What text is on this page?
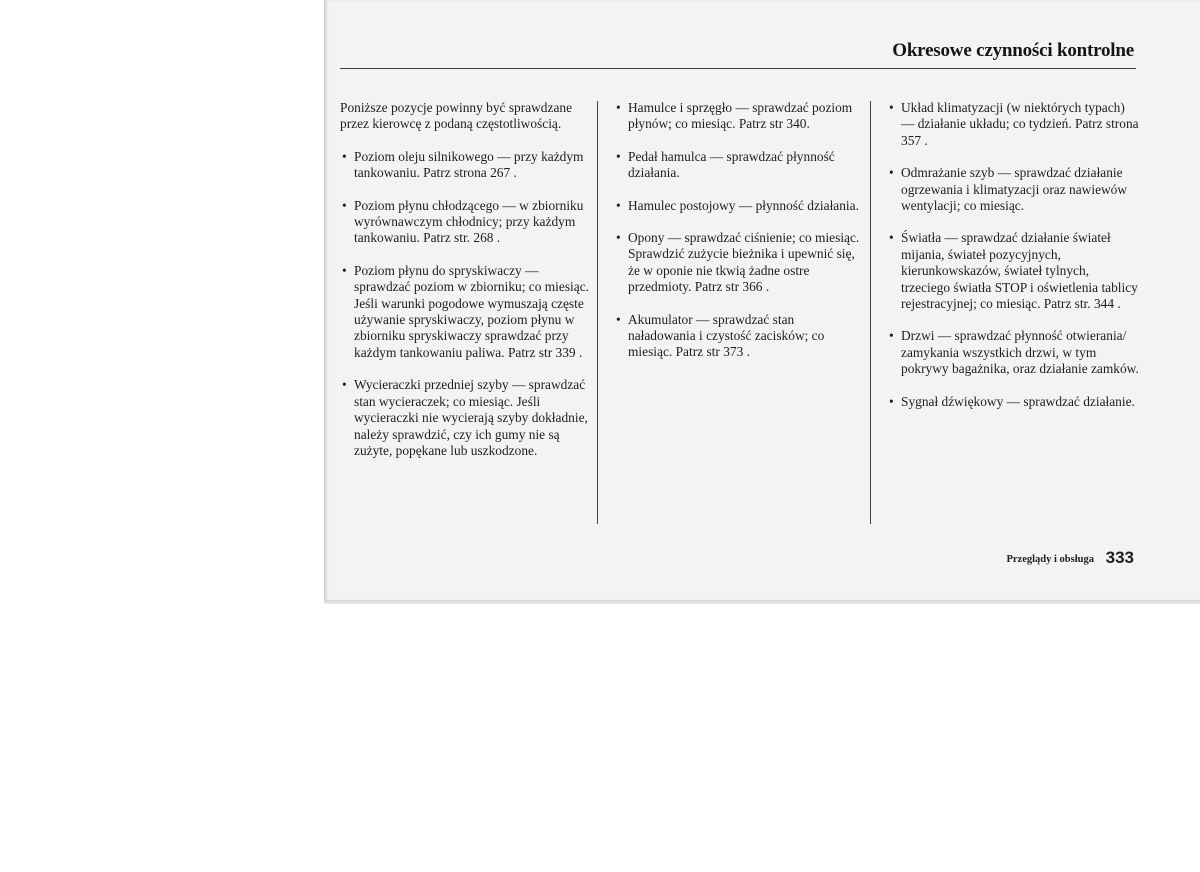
Okresowe czynności kontrolne

Poniższe pozycje powinny być sprawdzane przez kierowcę z podaną częstotliwością.

• Poziom oleju silnikowego — przy każdym tankowaniu. Patrz strona 267 .
• Poziom płynu chłodzącego — w zbiorniku wyrównawczym chłodnicy; przy każdym tankowaniu. Patrz str. 268 .
• Poziom płynu do spryskiwaczy — sprawdzać poziom w zbiorniku; co miesiąc. Jeśli warunki pogodowe wymuszają częste używanie spryskiwaczy, poziom płynu w zbiorniku spryskiwaczy sprawdzać przy każdym tankowaniu paliwa. Patrz str 339 .
• Wycieraczki przedniej szyby — sprawdzać stan wycieraczek; co miesiąc. Jeśli wycieraczki nie wycierają szyby dokładnie, należy sprawdzić, czy ich gumy nie są zużyte, popękane lub uszkodzone.
• Hamulce i sprzęgło — sprawdzać poziom płynów; co miesiąc. Patrz str 340.
• Pedał hamulca — sprawdzać płynność działania.
• Hamulec postojowy — płynność działania.
• Opony — sprawdzać ciśnienie; co miesiąc. Sprawdzić zużycie bieżnika i upewnić się, że w oponie nie tkwią żadne ostre przedmioty. Patrz str 366 .
• Akumulator — sprawdzać stan naładowania i czystość zacisków; co miesiąc. Patrz str 373 .
• Układ klimatyzacji (w niektórych typach) — działanie układu; co tydzień. Patrz strona 357 .
• Odmrażanie szyb — sprawdzać działanie ogrzewania i klimatyzacji oraz nawiewów wentylacji; co miesiąc.
• Światła — sprawdzać działanie świateł mijania, świateł pozycyjnych, kierunkowskazów, świateł tylnych, trzeciego światła STOP i oświetlenia tablicy rejestracyjnej; co miesiąc. Patrz str. 344 .
• Drzwi — sprawdzać płynność otwierania/ zamykania wszystkich drzwi, w tym pokrywy bagażnika, oraz działanie zamków.
• Sygnał dźwiękowy — sprawdzać działanie.
Przeglądy i obsługa 333
